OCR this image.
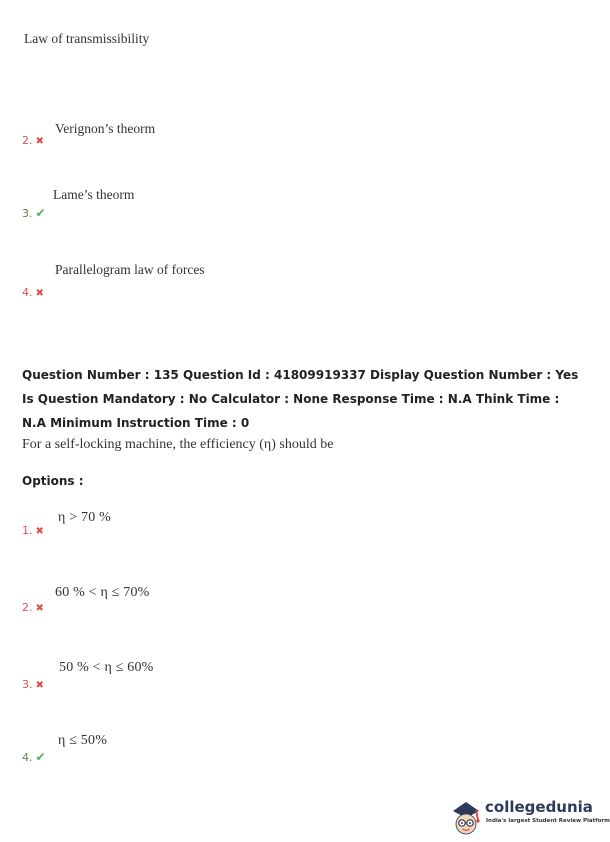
Law of transmissibility
Verignon’s theorm
2. ✖
Lame’s theorm
3. ✔
Parallelogram law of forces
4. ✖
Question Number : 135 Question Id : 41809919337 Display Question Number : Yes Is Question Mandatory : No Calculator : None Response Time : N.A Think Time : N.A Minimum Instruction Time : 0
For a self-locking machine, the efficiency (η) should be
Options :
η > 70 %
1. ✖
60 % < η ≤ 70%
2. ✖
50 % < η ≤ 60%
3. ✖
η ≤ 50%
4. ✔
collegedunia
India's largest Student Review Platform
